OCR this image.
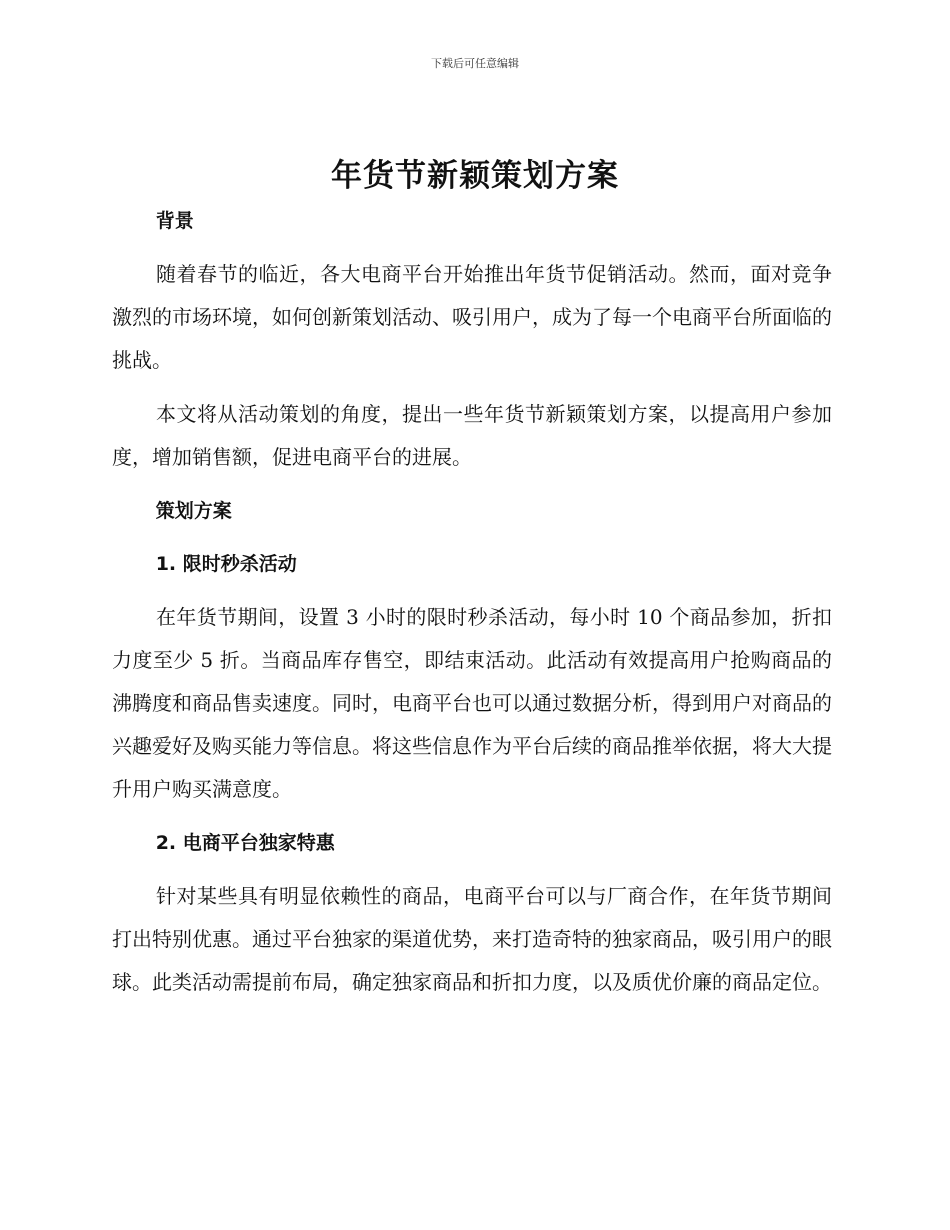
下载后可任意编辑
年货节新颖策划方案
背景

随着春节的临近，各大电商平台开始推出年货节促销活动。然而，面对竞争激烈的市场环境，如何创新策划活动、吸引用户，成为了每一个电商平台所面临的挑战。

本文将从活动策划的角度，提出一些年货节新颖策划方案，以提高用户参加度，增加销售额，促进电商平台的进展。

策划方案
1. 限时秒杀活动

在年货节期间，设置 3 小时的限时秒杀活动，每小时 10 个商品参加，折扣力度至少 5 折。当商品库存售空，即结束活动。此活动有效提高用户抢购商品的沸腾度和商品售卖速度。同时，电商平台也可以通过数据分析，得到用户对商品的兴趣爱好及购买能力等信息。将这些信息作为平台后续的商品推举依据，将大大提升用户购买满意度。

2. 电商平台独家特惠

针对某些具有明显依赖性的商品，电商平台可以与厂商合作，在年货节期间打出特别优惠。通过平台独家的渠道优势，来打造奇特的独家商品，吸引用户的眼球。此类活动需提前布局，确定独家商品和折扣力度，以及质优价廉的商品定位。
